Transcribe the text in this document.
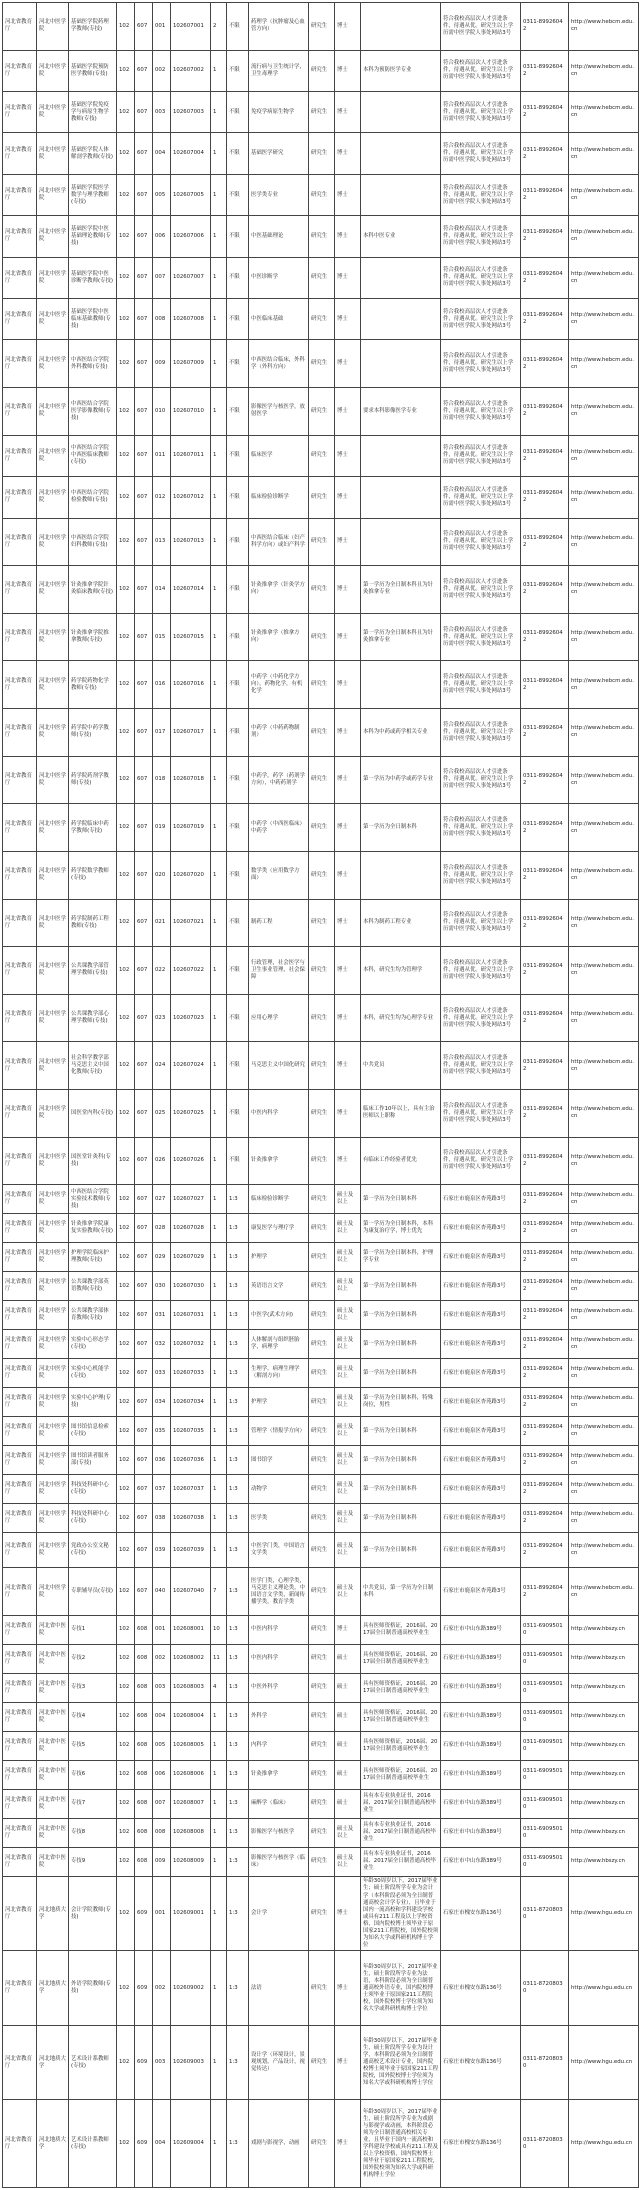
河北省教育厅	河北中医学院	基础医学院药理学教师(专技)	102	607	001	102607001	2	不限	药理学（抗肿瘤及心血管方向）	研究生	博士		符合我校高层次人才引进条件，待遇从优。研究生以上学历需中医学院人事处网站3号	0311-89926042	http://www.hebcm.edu.cn
河北省教育厅	河北中医学院	基础医学院预防医学教师(专技)	102	607	002	102607002	1	不限	流行病与卫生统计学，卫生毒理学	研究生	博士	本科为预防医学专业	符合我校高层次人才引进条件，待遇从优。研究生以上学历需中医学院人事处网站3号	0311-89926042	http://www.hebcm.edu.cn
河北省教育厅	河北中医学院	基础医学院免疫学与病原生物学教师(专技)	102	607	003	102607003	1	不限	免疫学病原生物学	研究生	博士		符合我校高层次人才引进条件，待遇从优。研究生以上学历需中医学院人事处网站3号	0311-89926042	http://www.hebcm.edu.cn
河北省教育厅	河北中医学院	基础医学院人体解剖学教师(专技)	102	607	004	102607004	1	不限	基础医学研究	研究生	博士		符合我校高层次人才引进条件，待遇从优。研究生以上学历需中医学院人事处网站3号	0311-89926042	http://www.hebcm.edu.cn
河北省教育厅	河北中医学院	基础医学院医学数学与理学教师(专技)	102	607	005	102607005	1	不限	医学类专业	研究生	博士		符合我校高层次人才引进条件，待遇从优。研究生以上学历需中医学院人事处网站3号	0311-89926042	http://www.hebcm.edu.cn
河北省教育厅	河北中医学院	基础医学院中医基础理论教师(专技)	102	607	006	102607006	1	不限	中医基础理论	研究生	博士	本科中医专业	符合我校高层次人才引进条件，待遇从优。研究生以上学历需中医学院人事处网站3号	0311-89926042	http://www.hebcm.edu.cn
河北省教育厅	河北中医学院	基础医学院中医诊断学教师(专技)	102	607	007	102607007	1	不限	中医诊断学	研究生	博士		符合我校高层次人才引进条件，待遇从优。研究生以上学历需中医学院人事处网站3号	0311-89926042	http://www.hebcm.edu.cn
河北省教育厅	河北中医学院	基础医学院中医临床基础教师(专技)	102	607	008	102607008	1	不限	中医临床基础	研究生	博士		符合我校高层次人才引进条件，待遇从优。研究生以上学历需中医学院人事处网站3号	0311-89926042	http://www.hebcm.edu.cn
河北省教育厅	河北中医学院	中西医结合学院外科教师(专技)	102	607	009	102607009	1	不限	中西医结合临床，外科学（外科方向）	研究生	博士		符合我校高层次人才引进条件，待遇从优。研究生以上学历需中医学院人事处网站3号	0311-89926042	http://www.hebcm.edu.cn
河北省教育厅	河北中医学院	中西医结合学院医学影像教师(专技)	102	607	010	102607010	1	不限	影像医学与核医学，放射医学	研究生	博士	要求本科影像医学专业	符合我校高层次人才引进条件，待遇从优。研究生以上学历需中医学院人事处网站3号	0311-89926042	http://www.hebcm.edu.cn
河北省教育厅	河北中医学院	中西医结合学院中西医临床教师(专技)	102	607	011	102607011	1	不限	临床医学	研究生	博士		符合我校高层次人才引进条件，待遇从优。研究生以上学历需中医学院人事处网站3号	0311-89926042	http://www.hebcm.edu.cn
河北省教育厅	河北中医学院	中西医结合学院检验教师(专技)	102	607	012	102607012	1	不限	临床检验诊断学	研究生	博士		符合我校高层次人才引进条件，待遇从优。研究生以上学历需中医学院人事处网站3号	0311-89926042	http://www.hebcm.edu.cn
河北省教育厅	河北中医学院	中西医结合学院妇科教师(专技)	102	607	013	102607013	1	不限	中西医结合临床（妇产科学方向）或妇产科学	研究生	博士		符合我校高层次人才引进条件，待遇从优。研究生以上学历需中医学院人事处网站3号	0311-89926042	http://www.hebcm.edu.cn
河北省教育厅	河北中医学院	针灸推拿学院针灸临床教师(专技)	102	607	014	102607014	1	不限	针灸推拿学（针灸学方向）	研究生	博士	第一学历为全日制本科且为针灸推拿专业	符合我校高层次人才引进条件，待遇从优。研究生以上学历需中医学院人事处网站3号	0311-89926042	http://www.hebcm.edu.cn
河北省教育厅	河北中医学院	针灸推拿学院推拿教师(专技)	102	607	015	102607015	1	不限	针灸推拿学（推拿方向）	研究生	博士	第一学历为全日制本科且为针灸推拿专业	符合我校高层次人才引进条件，待遇从优。研究生以上学历需中医学院人事处网站3号	0311-89926042	http://www.hebcm.edu.cn
河北省教育厅	河北中医学院	药学院药物化学教师(专技)	102	607	016	102607016	1	不限	中药学（中药化学方向），药物化学，有机化学	研究生	博士		符合我校高层次人才引进条件，待遇从优。研究生以上学历需中医学院人事处网站3号	0311-89926042	http://www.hebcm.edu.cn
河北省教育厅	河北中医学院	药学院中药学教师(专技)	102	607	017	102607017	1	不限	中药学（中药药物制剂）	研究生	博士	本科为中药或药学相关专业	符合我校高层次人才引进条件，待遇从优。研究生以上学历需中医学院人事处网站3号	0311-89926042	http://www.hebcm.edu.cn
河北省教育厅	河北中医学院	药学院药剂学教师(专技)	102	607	018	102607018	1	不限	中药学，药学（药剂学方向），中药药剂学	研究生	博士	第一学历为中药学或药学专业	符合我校高层次人才引进条件，待遇从优。研究生以上学历需中医学院人事处网站3号	0311-89926042	http://www.hebcm.edu.cn
河北省教育厅	河北中医学院	药学院临床中药学教师(专技)	102	607	019	102607019	1	不限	中药学（中西医临床）中药学	研究生	博士	第一学历为全日制本科	符合我校高层次人才引进条件，待遇从优。研究生以上学历需中医学院人事处网站3号	0311-89926042	http://www.hebcm.edu.cn
河北省教育厅	河北中医学院	药学院数学教师(专技)	102	607	020	102607020	1	不限	数学类（应用数学方面）	研究生	博士		符合我校高层次人才引进条件，待遇从优。研究生以上学历需中医学院人事处网站3号	0311-89926042	http://www.hebcm.edu.cn
河北省教育厅	河北中医学院	药学院制药工程教师(专技)	102	607	021	102607021	1	不限	制药工程	研究生	博士	本科为制药工程专业	符合我校高层次人才引进条件，待遇从优。研究生以上学历需中医学院人事处网站3号	0311-89926042	http://www.hebcm.edu.cn
河北省教育厅	河北中医学院	公共课教学部管理学教师(专技)	102	607	022	102607022	1	不限	行政管理，社会医学与卫生事业管理，社会保障	研究生	博士	本科，研究生均为管理学	符合我校高层次人才引进条件，待遇从优。研究生以上学历需中医学院人事处网站3号	0311-89926042	http://www.hebcm.edu.cn
河北省教育厅	河北中医学院	公共课教学部心理学教师(专技)	102	607	023	102607023	1	不限	应用心理学	研究生	博士	本科，研究生均为心理学专业	符合我校高层次人才引进条件，待遇从优。研究生以上学历需中医学院人事处网站3号	0311-89926042	http://www.hebcm.edu.cn
河北省教育厅	河北中医学院	社会科学教学部马克思主义中国化教师(专技)	102	607	024	102607024	1	不限	马克思主义中国化研究	研究生	博士	中共党员	符合我校高层次人才引进条件，待遇从优。研究生以上学历需中医学院人事处网站3号	0311-89926042	http://www.hebcm.edu.cn
河北省教育厅	河北中医学院	国医堂内科(专技)	102	607	025	102607025	1	不限	中医内科学	研究生	博士	临床工作10年以上，具有主治医师以上职称	符合我校高层次人才引进条件，待遇从优。研究生以上学历需中医学院人事处网站3号	0311-89926042	http://www.hebcm.edu.cn
河北省教育厅	河北中医学院	国医堂针灸科(专技)	102	607	026	102607026	1	不限	针灸推拿学	研究生	博士	有临床工作经验者优先	符合我校高层次人才引进条件，待遇从优。研究生以上学历需中医学院人事处网站3号	0311-89926042	http://www.hebcm.edu.cn
河北省教育厅	河北中医学院	中西医结合学院实验技术教师(专技)	102	607	027	102607027	1	1:3	临床检验诊断学	研究生	硕士及以上	第一学历为全日制本科	石家庄市鹿泉区杏苑路3号	0311-89926042	http://www.hebcm.edu.cn
河北省教育厅	河北中医学院	针灸推拿学院康复实验教师(专技)	102	607	028	102607028	1	1:3	康复医学与理疗学	研究生	硕士及以上	第一学历为全日制本科，本科为康复治疗学，博士优先	石家庄市鹿泉区杏苑路3号	0311-89926042	http://www.hebcm.edu.cn
河北省教育厅	河北中医学院	护理学院临床护理教师(专技)	102	607	029	102607029	1	1:3	护理学	研究生	硕士及以上	第一学历为全日制本科，护理学专业	石家庄市鹿泉区杏苑路3号	0311-89926042	http://www.hebcm.edu.cn
河北省教育厅	河北中医学院	公共课教学部英语教师(专技)	102	607	030	102607030	1	1:3	英语语言文学	研究生	硕士及以上	第一学历为全日制本科	石家庄市鹿泉区杏苑路3号	0311-89926042	http://www.hebcm.edu.cn
河北省教育厅	河北中医学院	公共课教学部体育教师(专技)	102	607	031	102607031	1	1:3	中医学(武术方向)	研究生	硕士及以上	第一学历为全日制本科	石家庄市鹿泉区杏苑路3号	0311-89926042	http://www.hebcm.edu.cn
河北省教育厅	河北中医学院	实验中心形态学(专技)	102	607	032	102607032	1	1:3	人体解剖与组织胚胎学，病理学	研究生	硕士及以上	第一学历为全日制本科	石家庄市鹿泉区杏苑路3号	0311-89926042	http://www.hebcm.edu.cn
河北省教育厅	河北中医学院	实验中心机能学(专技)	102	607	033	102607033	1	1:3	生理学，病理生理学（解剖方向）	研究生	硕士及以上	第一学历为全日制本科	石家庄市鹿泉区杏苑路3号	0311-89926042	http://www.hebcm.edu.cn
河北省教育厅	河北中医学院	实验中心护理(专技)	102	607	034	102607034	1	1:3	护理学	研究生	硕士及以上	第一学历为全日制本科，特殊岗位，男性	石家庄市鹿泉区杏苑路3号	0311-89926042	http://www.hebcm.edu.cn
河北省教育厅	河北中医学院	图书馆信息检索(专技)	102	607	035	102607035	1	1:3	管理学（情报学方向）	研究生	硕士及以上	第一学历为全日制本科	石家庄市鹿泉区杏苑路3号	0311-89926042	http://www.hebcm.edu.cn
河北省教育厅	河北中医学院	图书馆读者服务部(专技)	102	607	036	102607036	1	1:3	图书馆学	研究生	硕士及以上	第一学历为全日制本科	石家庄市鹿泉区杏苑路3号	0311-89926042	http://www.hebcm.edu.cn
河北省教育厅	河北中医学院	科技处科研中心(专技)	102	607	037	102607037	1	1:3	动物学	研究生	硕士及以上	第一学历为全日制本科	石家庄市鹿泉区杏苑路3号	0311-89926042	http://www.hebcm.edu.cn
河北省教育厅	河北中医学院	科技处科研中心(专技)	102	607	038	102607038	1	1:3	医学类	研究生	硕士及以上	第一学历为全日制本科	石家庄市鹿泉区杏苑路3号	0311-89926042	http://www.hebcm.edu.cn
河北省教育厅	河北中医学院	党政办公室文秘(专技)	102	607	039	102607039	1	1:3	中医学门类，中国语言文学类	研究生	硕士及以上	第一学历为全日制本科	石家庄市鹿泉区杏苑路3号	0311-89926042	http://www.hebcm.edu.cn
河北省教育厅	河北中医学院	专职辅导员(专技)	102	607	040	102607040	7	1:3	医学门类，心理学类，马克思主义理论类，中国语言文学类，新闻传播学类，教育学类	研究生	硕士及以上	中共党员，第一学历为全日制本科	石家庄市鹿泉区杏苑路3号	0311-89926042	http://www.hebcm.edu.cn
河北省教育厅	河北省中医院	专技1	102	608	001	102608001	10	1:3	中医内科学	研究生	博士	具有医师资格证，2016届、2017届全日制普通高校毕业生	石家庄市中山东路389号	0311-69095010	http://www.hbszy.cn
河北省教育厅	河北省中医院	专技2	102	608	002	102608002	11	1:3	中医内科学	研究生	硕士	具有医师资格证，2016届、2017届全日制普通高校毕业生	石家庄市中山东路389号	0311-69095010	http://www.hbszy.cn
河北省教育厅	河北省中医院	专技3	102	608	003	102608003	4	1:3	中医外科学	研究生	硕士	具有医师资格证，2016届、2017届全日制普通高校毕业生	石家庄市中山东路389号	0311-69095010	http://www.hbszy.cn
河北省教育厅	河北省中医院	专技4	102	608	004	102608004	1	1:3	外科学	研究生	硕士	具有医师资格证，2016届、2017届全日制普通高校毕业生	石家庄市中山东路389号	0311-69095010	http://www.hbszy.cn
河北省教育厅	河北省中医院	专技5	102	608	005	102608005	1	1:3	内科学	研究生	硕士	具有医师资格证，2016届、2017届全日制普通高校毕业生	石家庄市中山东路389号	0311-69095010	http://www.hbszy.cn
河北省教育厅	河北省中医院	专技6	102	608	006	102608006	1	1:3	针灸推拿学	研究生	硕士	具有医师资格证，2016届、2017届全日制普通高校毕业生	石家庄市中山东路389号	0311-69095010	http://www.hbszy.cn
河北省教育厅	河北省中医院	专技7	102	608	007	102608007	1	1:3	麻醉学（临床）	研究生	硕士	具有本专业执业证书，2016届、2017届全日制普通高校毕业生	石家庄市中山东路389号	0311-69095010	http://www.hbszy.cn
河北省教育厅	河北省中医院	专技8	102	608	008	102608008	1	1:3	影像医学与核医学	研究生	硕士及以上	具有本专业执业证书，2016届、2017届全日制普通高校毕业生	石家庄市中山东路389号	0311-69095010	http://www.hbszy.cn
河北省教育厅	河北省中医院	专技9	102	608	009	102608009	1	1:3	影像医学与核医学（临床）	研究生	硕士及以上	具有本专业执业证书，2016届、2017届全日制普通高校毕业生	石家庄市中山东路389号	0311-69095010	http://www.hbszy.cn
河北省教育厅	河北地质大学	会计学院教师(专技)	102	609	001	102609001	1	1:3	会计学	研究生	博士	年龄30周岁以下，2017届毕业生；硕士阶段所学专业为会计学（本科阶段必须为全日制普通高校会计学专业），且毕业于国内一流高校和学科建设学校或具有211工程及以上学校资格，国内院校博士须毕业于原国家211工程院校，国外院校须为知名大学或科研机构博士学位	石家庄市槐安东路136号	0311-87208030	http://www.hgu.edu.cn
河北省教育厅	河北地质大学	外语学院教师(专技)	102	609	002	102609002	1	1:3	法语	研究生	博士	年龄30周岁以下，2017届毕业生，硕士阶段所学专业为法语，本科阶段必须为全日制普通高校外语专业，国内院校博士须毕业于原国家211工程院校，国外院校博士学位须为知名大学或科研机构博士学位	石家庄市槐安东路136号	0311-87208030	http://www.hgu.edu.cn
河北省教育厅	河北地质大学	艺术设计系教师(专技)	102	609	003	102609003	1	1:3	设计学（环境设计，景观规划，产品设计，视觉传达）	研究生	博士	年龄30周岁以下，2017届毕业生，硕士阶段所学专业为设计学，本科阶段必须为全日制普通高校艺术设计专业，国内院校博士须毕业于原国家211工程院校，国外院校博士学位须为知名大学或科研机构博士学位	石家庄市槐安东路136号	0311-87208030	http://www.hgu.edu.cn
河北省教育厅	河北地质大学	艺术设计系教师(专技)	102	609	004	102609004	1	1:3	戏剧与影视学，动画	研究生	博士	年龄30周岁以下，2017届毕业生，硕士阶段所学专业为戏剧与影视学或动画，本科阶段必须为全日制普通高校相关专业，且毕业于国内一流高校和学科建设学校或具有211工程及以上学校资格，国内院校博士须毕业于原国家211工程院校，国外院校须为知名大学或科研机构博士学位	石家庄市槐安东路136号	0311-87208030	http://www.hgu.edu.cn
